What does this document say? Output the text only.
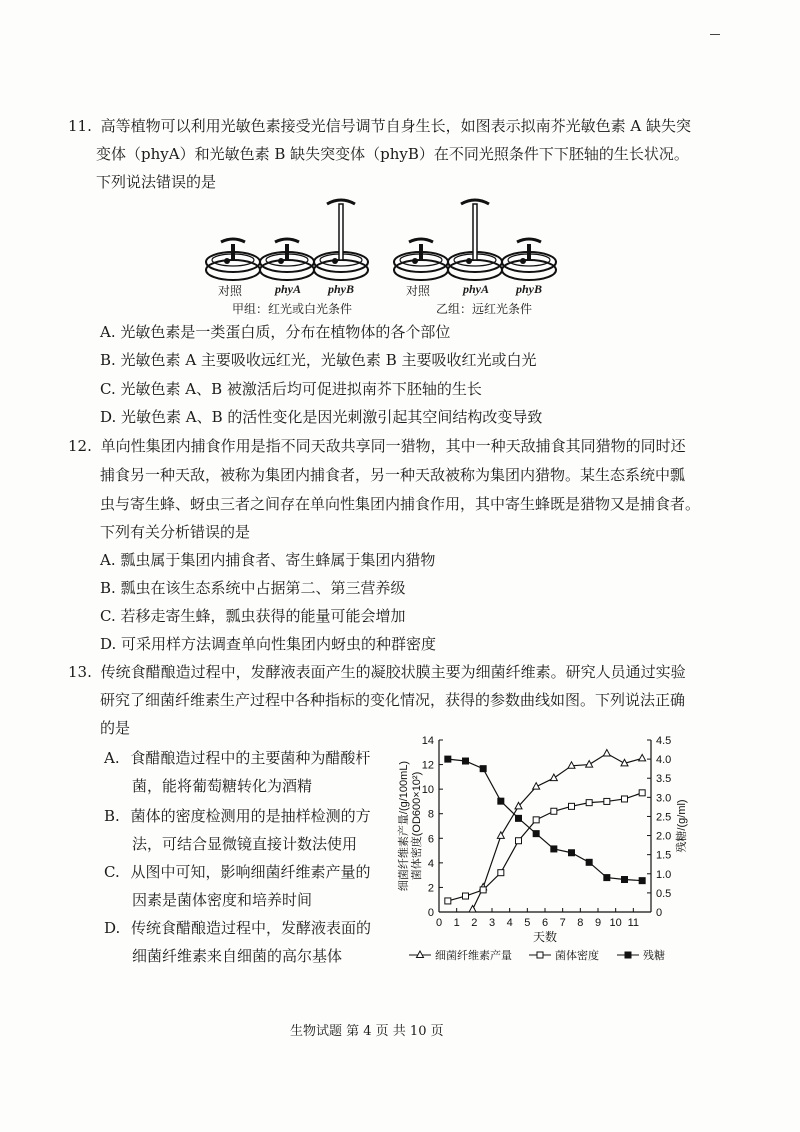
11. 高等植物可以利用光敏色素接受光信号调节自身生长，如图表示拟南芥光敏色素 A 缺失突
变体（phyA）和光敏色素 B 缺失突变体（phyB）在不同光照条件下下胚轴的生长状况。
下列说法错误的是
对照	phyA phyB	对照	phyA phyB
甲组：红光或白光条件	乙组：远红光条件
A. 光敏色素是一类蛋白质，分布在植物体的各个部位
B. 光敏色素 A 主要吸收远红光，光敏色素 B 主要吸收红光或白光
C. 光敏色素 A、B 被激活后均可促进拟南芥下胚轴的生长
D. 光敏色素 A、B 的活性变化是因光刺激引起其空间结构改变导致
12. 单向性集团内捕食作用是指不同天敌共享同一猎物，其中一种天敌捕食其同猎物的同时还
捕食另一种天敌，被称为集团内捕食者，另一种天敌被称为集团内猎物。某生态系统中瓢
虫与寄生蜂、蚜虫三者之间存在单向性集团内捕食作用，其中寄生蜂既是猎物又是捕食者。
下列有关分析错误的是
A. 瓢虫属于集团内捕食者、寄生蜂属于集团内猎物
B. 瓢虫在该生态系统中占据第二、第三营养级
C. 若移走寄生蜂，瓢虫获得的能量可能会增加
D. 可采用样方法调查单向性集团内蚜虫的种群密度
13. 传统食醋酿造过程中，发酵液表面产生的凝胶状膜主要为细菌纤维素。研究人员通过实验
研究了细菌纤维素生产过程中各种指标的变化情况，获得的参数曲线如图。下列说法正确
的是
A. 食醋酿造过程中的主要菌种为醋酸杆
菌，能将葡萄糖转化为酒精
B. 菌体的密度检测用的是抽样检测的方
法，可结合显微镜直接计数法使用
C. 从图中可知，影响细菌纤维素产量的
因素是菌体密度和培养时间
D. 传统食醋酿造过程中，发酵液表面的
细菌纤维素来自细菌的高尔基体
0
2
4
6
8
10
12
14
0
0.5
1.0
1.5
2.0
2.5
3.0
3.5
4.0
4.5
0 1 2 3 4 5 6 7 8 9 10 11
天数
细菌纤维素产量/(g/100mL) 菌体密度(OD600×10²)	残糖/(g/ml)
细菌纤维素产量	菌体密度	残糖
生物试题 第 4 页 共 10 页
